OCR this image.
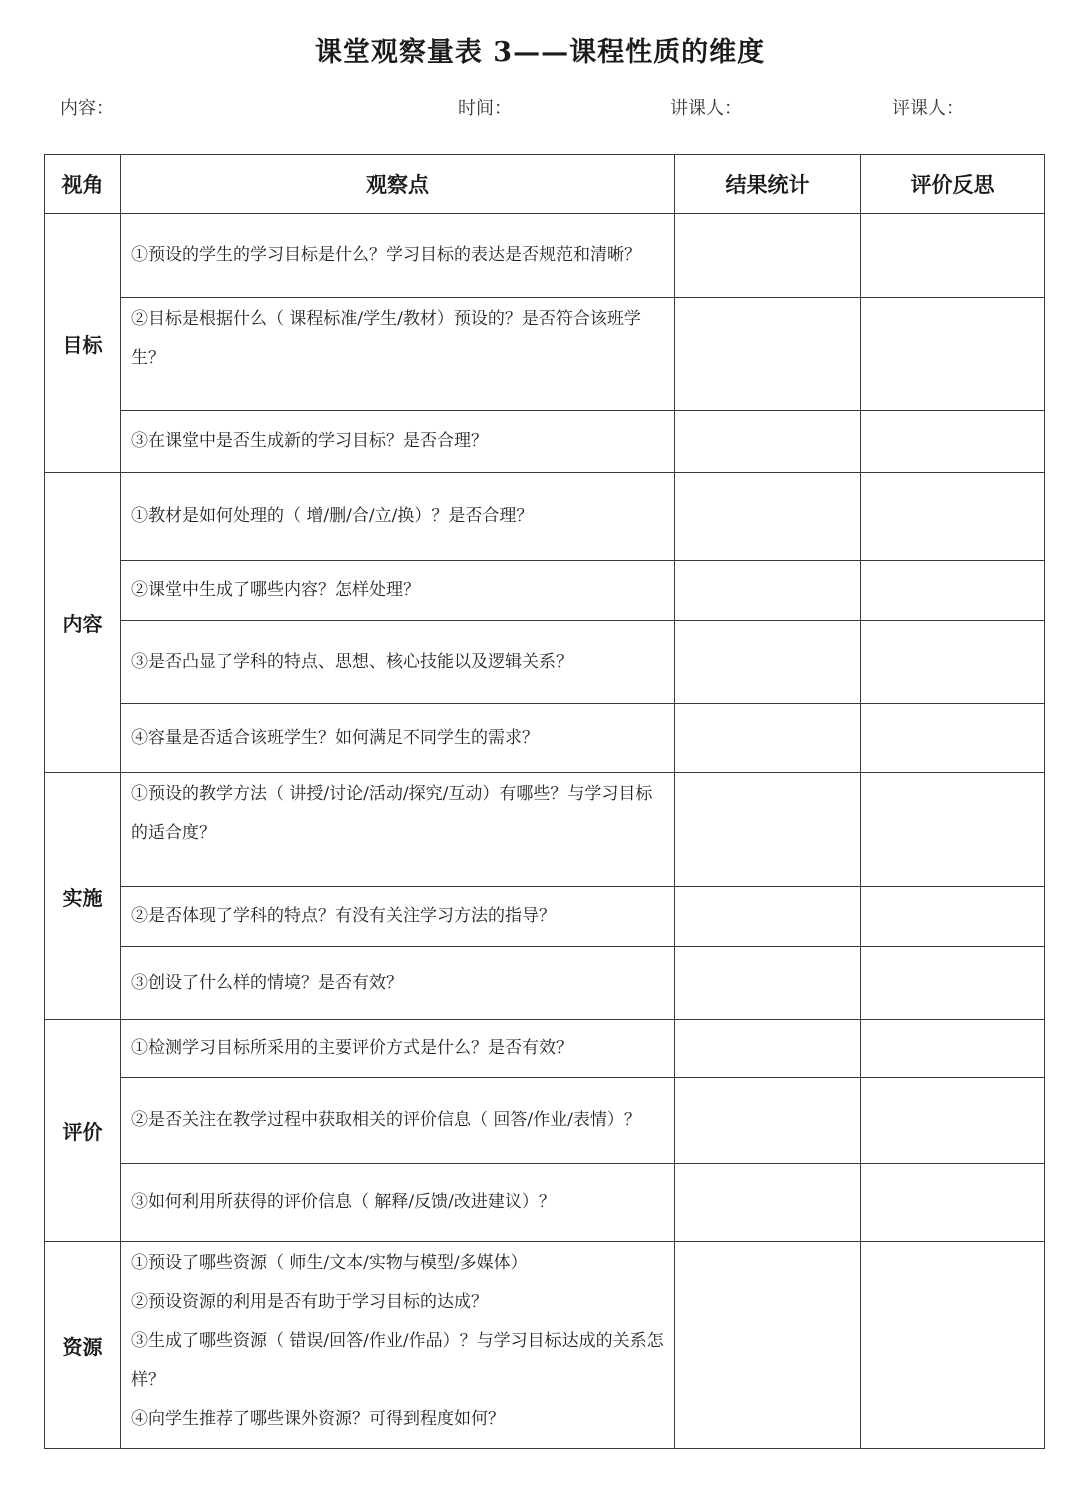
课堂观察量表 3——课程性质的维度
内容：	时间：	讲课人：	评课人：
视角	观察点	结果统计	评价反思
目标	①预设的学生的学习目标是什么？学习目标的表达是否规范和清晰？		
	②目标是根据什么（ 课程标准/学生/教材）预设的？是否符合该班学生？		
	③在课堂中是否生成新的学习目标？是否合理？		
内容	①教材是如何处理的（ 增/删/合/立/换）？是否合理？		
	②课堂中生成了哪些内容？怎样处理？		
	③是否凸显了学科的特点、思想、核心技能以及逻辑关系？		
	④容量是否适合该班学生？如何满足不同学生的需求？		
实施	①预设的教学方法（ 讲授/讨论/活动/探究/互动）有哪些？与学习目标的适合度？		
	②是否体现了学科的特点？有没有关注学习方法的指导？		
	③创设了什么样的情境？是否有效？		
评价	①检测学习目标所采用的主要评价方式是什么？是否有效？		
	②是否关注在教学过程中获取相关的评价信息（ 回答/作业/表情）？		
	③如何利用所获得的评价信息（ 解释/反馈/改进建议）？		
资源	①预设了哪些资源（ 师生/文本/实物与模型/多媒体）
②预设资源的利用是否有助于学习目标的达成？
③生成了哪些资源（ 错误/回答/作业/作品）？与学习目标达成的关系怎样？
④向学生推荐了哪些课外资源？可得到程度如何？		
